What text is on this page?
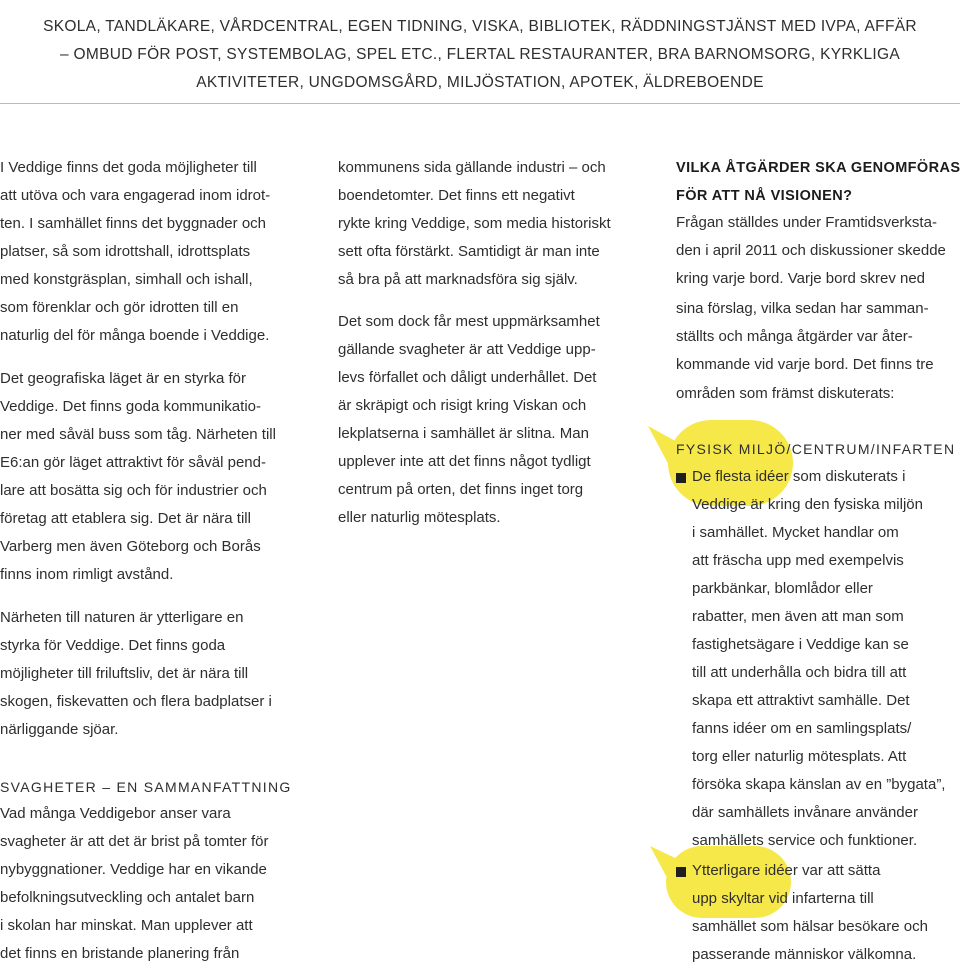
SKOLA, TANDLÄKARE, VÅRDCENTRAL, EGEN TIDNING, VISKA, BIBLIOTEK, RÄDDNINGSTJÄNST MED IVPA, AFFÄR
– OMBUD FÖR POST, SYSTEMBOLAG, SPEL ETC., FLERTAL RESTAURANTER, BRA BARNOMSORG, KYRKLIGA
AKTIVITETER, UNGDOMSGÅRD, MILJÖSTATION, APOTEK, ÄLDREBOENDE
I Veddige finns det goda möjligheter till
att utöva och vara engagerad inom idrot-
ten. I samhället finns det byggnader och
platser, så som idrottshall, idrottsplats
med konstgräsplan, simhall och ishall,
som förenklar och gör idrotten till en
naturlig del för många boende i Veddige.
Det geografiska läget är en styrka för
Veddige. Det finns goda kommunikatio-
ner med såväl buss som tåg. Närheten till
E6:an gör läget attraktivt för såväl pend-
lare att bosätta sig och för industrier och
företag att etablera sig. Det är nära till
Varberg men även Göteborg och Borås
finns inom rimligt avstånd.
Närheten till naturen är ytterligare en
styrka för Veddige. Det finns goda
möjligheter till friluftsliv, det är nära till
skogen, fiskevatten och flera badplatser i
närliggande sjöar.
SVAGHETER – EN SAMMANFATTNING
Vad många Veddigebor anser vara
svagheter är att det är brist på tomter för
nybyggnationer. Veddige har en vikande
befolkningsutveckling och antalet barn
i skolan har minskat. Man upplever att
det finns en bristande planering från
kommunens sida gällande industri – och
boendetomter. Det finns ett negativt
rykte kring Veddige, som media historiskt
sett ofta förstärkt. Samtidigt är man inte
så bra på att marknadsföra sig själv.
Det som dock får mest uppmärksamhet
gällande svagheter är att Veddige upp-
levs förfallet och dåligt underhållet. Det
är skräpigt och risigt kring Viskan och
lekplatserna i samhället är slitna. Man
upplever inte att det finns något tydligt
centrum på orten, det finns inget torg
eller naturlig mötesplats.
VILKA ÅTGÄRDER SKA GENOMFÖRAS
FÖR ATT NÅ VISIONEN?
Frågan ställdes under Framtidsverksta-
den i april 2011 och diskussioner skedde
kring varje bord. Varje bord skrev ned
sina förslag, vilka sedan har samman-
ställts och många åtgärder var åter-
kommande vid varje bord. Det finns tre
områden som främst diskuterats:
FYSISK MILJÖ/CENTRUM/INFARTEN
De flesta idéer som diskuterats i
Veddige är kring den fysiska miljön
i samhället. Mycket handlar om
att fräscha upp med exempelvis
parkbänkar, blomlådor eller
rabatter, men även att man som
fastighetsägare i Veddige kan se
till att underhålla och bidra till att
skapa ett attraktivt samhälle. Det
fanns idéer om en samlingsplats/
torg eller naturlig mötesplats. Att
försöka skapa känslan av en ”bygata”,
där samhällets invånare använder
samhällets service och funktioner.
Ytterligare idéer var att sätta
upp skyltar vid infarterna till
samhället som hälsar besökare och
passerande människor välkomna.
